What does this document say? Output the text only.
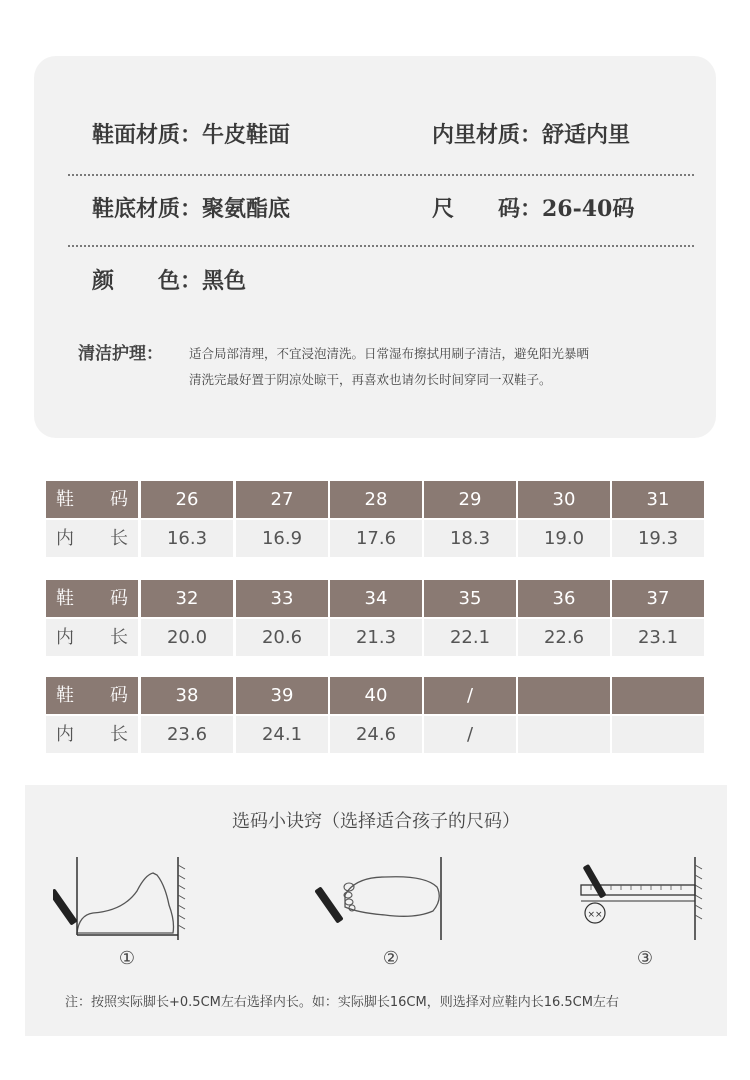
鞋面材质：牛皮鞋面	内里材质：舒适内里
鞋底材质：聚氨酯底	尺　　码：26-40码
颜　　色：黑色
清洁护理： 适合局部清理，不宜浸泡清洗。日常湿布擦拭用刷子清洁，避免阳光暴晒
清洗完最好置于阴凉处晾干，再喜欢也请勿长时间穿同一双鞋子。
鞋 码	26	27	28	29	30	31
内 长	16.3	16.9	17.6	18.3	19.0	19.3
鞋 码	32	33	34	35	36	37
内 长	20.0	20.6	21.3	22.1	22.6	23.1
鞋 码	38	39	40	/
内 长	23.6	24.1	24.6	/
选码小诀窍（选择适合孩子的尺码）
××
①	②	③
注：按照实际脚长+0.5CM左右选择内长。如：实际脚长16CM，则选择对应鞋内长16.5CM左右
